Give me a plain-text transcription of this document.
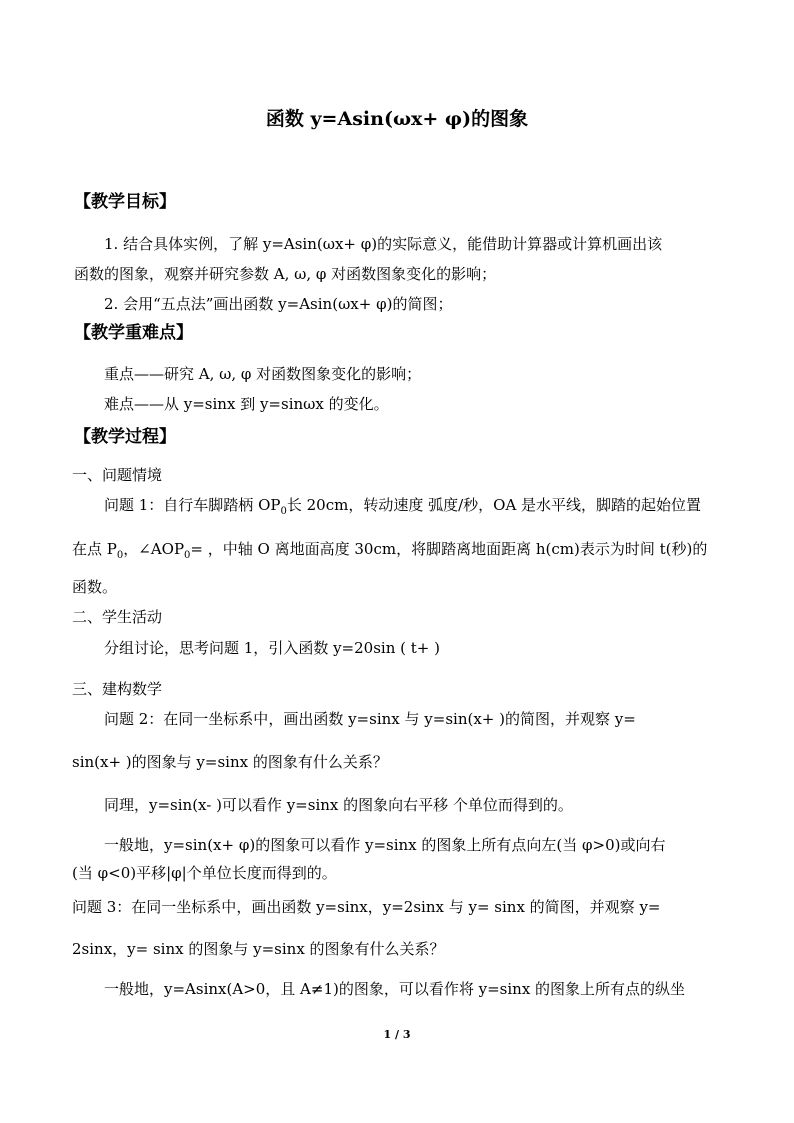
函数 y=Asin(ωx+ φ)的图象
【教学目标】
1. 结合具体实例，了解 y=Asin(ωx+ φ)的实际意义，能借助计算器或计算机画出该
函数的图象，观察并研究参数 A, ω, φ 对函数图象变化的影响；
2. 会用“五点法”画出函数 y=Asin(ωx+ φ)的简图；
【教学重难点】
重点——研究 A, ω, φ 对函数图象变化的影响；
难点——从 y=sinx 到 y=sinωx 的变化。
【教学过程】
一、问题情境
问题 1：自行车脚踏柄 $OP_0$长 20cm，转动速度 弧度/秒，OA 是水平线，脚踏的起始位置
在点 $P_0$，$\angle AOP_0=$ ，中轴 O 离地面高度 30cm，将脚踏离地面距离 h(cm)表示为时间 t(秒)的
函数。
二、学生活动
分组讨论，思考问题 1，引入函数 y=20sin ( t+ )
三、建构数学
问题 2：在同一坐标系中，画出函数 y=sinx 与 y=sin(x+ )的简图，并观察 y=
sin(x+ )的图象与 y=sinx 的图象有什么关系？
同理，y=sin(x- )可以看作 y=sinx 的图象向右平移 个单位而得到的。
一般地，y=sin(x+ φ)的图象可以看作 y=sinx 的图象上所有点向左(当 φ>0)或向右
(当 φ<0)平移|φ|个单位长度而得到的。
问题 3：在同一坐标系中，画出函数 y=sinx，y=2sinx 与 y= sinx 的简图，并观察 y=
2sinx，y= sinx 的图象与 y=sinx 的图象有什么关系？
一般地，y=Asinx(A>0，且 A≠1)的图象，可以看作将 y=sinx 的图象上所有点的纵坐
1 / 3
